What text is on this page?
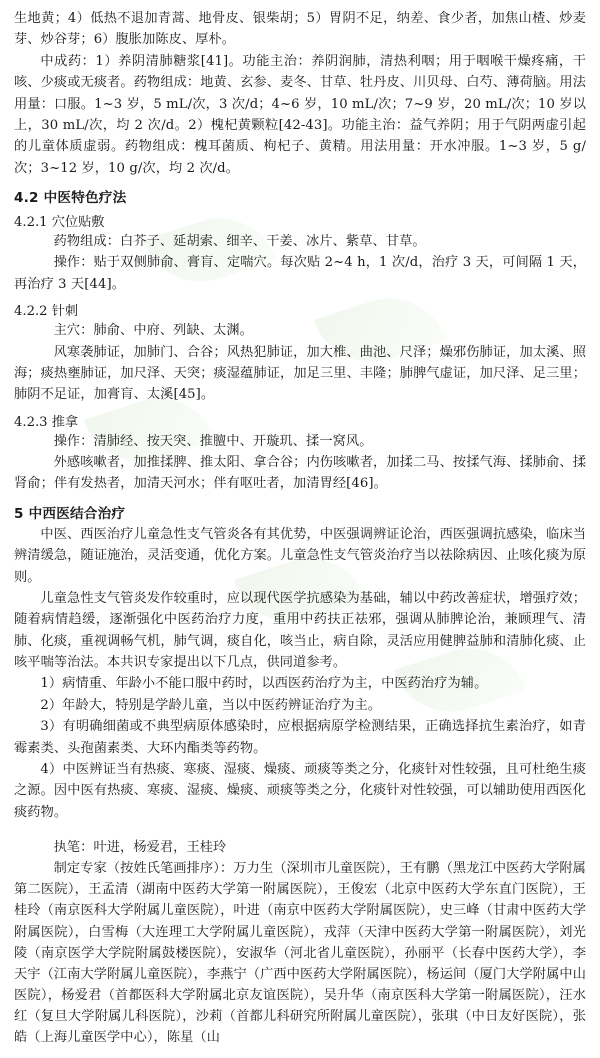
生地黄；4）低热不退加青蒿、地骨皮、银柴胡；5）胃阴不足，纳差、食少者，加焦山楂、炒麦芽、炒谷芽；6）腹胀加陈皮、厚朴。

中成药：1）养阴清肺糖浆[41]。功能主治：养阴润肺，清热利咽；用于咽喉干燥疼痛，干咳、少痰或无痰者。药物组成：地黄、玄参、麦冬、甘草、牡丹皮、川贝母、白芍、薄荷脑。用法用量：口服。1~3 岁，5 mL/次，3 次/d；4~6 岁，10 mL/次；7~9 岁，20 mL/次；10 岁以上，30 mL/次，均 2 次/d。2）槐杞黄颗粒[42-43]。功能主治：益气养阴；用于气阴两虚引起的儿童体质虚弱。药物组成：槐耳菌质、枸杞子、黄精。用法用量：开水冲服。1~3 岁，5 g/次；3~12 岁，10 g/次，均 2 次/d。

4.2 中医特色疗法
4.2.1 穴位贴敷

药物组成：白芥子、延胡索、细辛、干姜、冰片、紫草、甘草。

操作：贴于双侧肺俞、膏肓、定喘穴。每次贴 2~4 h，1 次/d，治疗 3 天，可间隔 1 天，再治疗 3 天[44]。

4.2.2 针刺

主穴：肺俞、中府、列缺、太渊。

风寒袭肺证，加肺门、合谷；风热犯肺证，加大椎、曲池、尺泽；燥邪伤肺证，加太溪、照海；痰热壅肺证，加尺泽、天突；痰湿蕴肺证，加足三里、丰隆；肺脾气虚证，加尺泽、足三里；肺阴不足证，加膏肓、太溪[45]。

4.2.3 推拿

操作：清肺经、按天突、推膻中、开璇玑、揉一窝风。

外感咳嗽者，加推揉脾、推太阳、拿合谷；内伤咳嗽者，加揉二马、按揉气海、揉肺俞、揉肾俞；伴有发热者，加清天河水；伴有呕吐者，加清胃经[46]。

5 中西医结合治疗

中医、西医治疗儿童急性支气管炎各有其优势，中医强调辨证论治，西医强调抗感染，临床当辨清缓急，随证施治，灵活变通，优化方案。儿童急性支气管炎治疗当以祛除病因、止咳化痰为原则。

儿童急性支气管炎发作较重时，应以现代医学抗感染为基础，辅以中药改善症状，增强疗效；随着病情趋缓，逐渐强化中医药治疗力度，重用中药扶正祛邪，强调从肺脾论治，兼顾理气、清肺、化痰，重视调畅气机，肺气调，痰自化，咳当止，病自除，灵活应用健脾益肺和清肺化痰、止咳平喘等治法。本共识专家提出以下几点，供同道参考。

1）病情重、年龄小不能口服中药时，以西医药治疗为主，中医药治疗为辅。

2）年龄大，特别是学龄儿童，当以中医药辨证治疗为主。

3）有明确细菌或不典型病原体感染时，应根据病原学检测结果，正确选择抗生素治疗，如青霉素类、头孢菌素类、大环内酯类等药物。

4）中医辨证当有热痰、寒痰、湿痰、燥痰、顽痰等类之分，化痰针对性较强，且可杜绝生痰之源。因中医有热痰、寒痰、湿痰、燥痰、顽痰等类之分，化痰针对性较强，可以辅助使用西医化痰药物。

执笔：叶进，杨爱君，王桂玲

制定专家（按姓氏笔画排序）：万力生（深圳市儿童医院），王有鹏（黑龙江中医药大学附属第二医院），王孟清（湖南中医药大学第一附属医院），王俊宏（北京中医药大学东直门医院），王桂玲（南京医科大学附属儿童医院），叶进（南京中医药大学附属医院），史三峰（甘肃中医药大学附属医院），白雪梅（大连理工大学附属儿童医院），戎萍（天津中医药大学第一附属医院），刘光陵（南京医学大学院附属鼓楼医院），安淑华（河北省儿童医院），孙丽平（长春中医药大学），李天宇（江南大学附属儿童医院），李燕宁（广西中医药大学附属医院），杨运间（厦门大学附属中山医院），杨爱君（首都医科大学附属北京友谊医院），吴升华（南京医科大学第一附属医院），汪水红（复旦大学附属儿科医院），沙莉（首都儿科研究所附属儿童医院），张琪（中日友好医院），张皓（上海儿童医学中心），陈星（山
